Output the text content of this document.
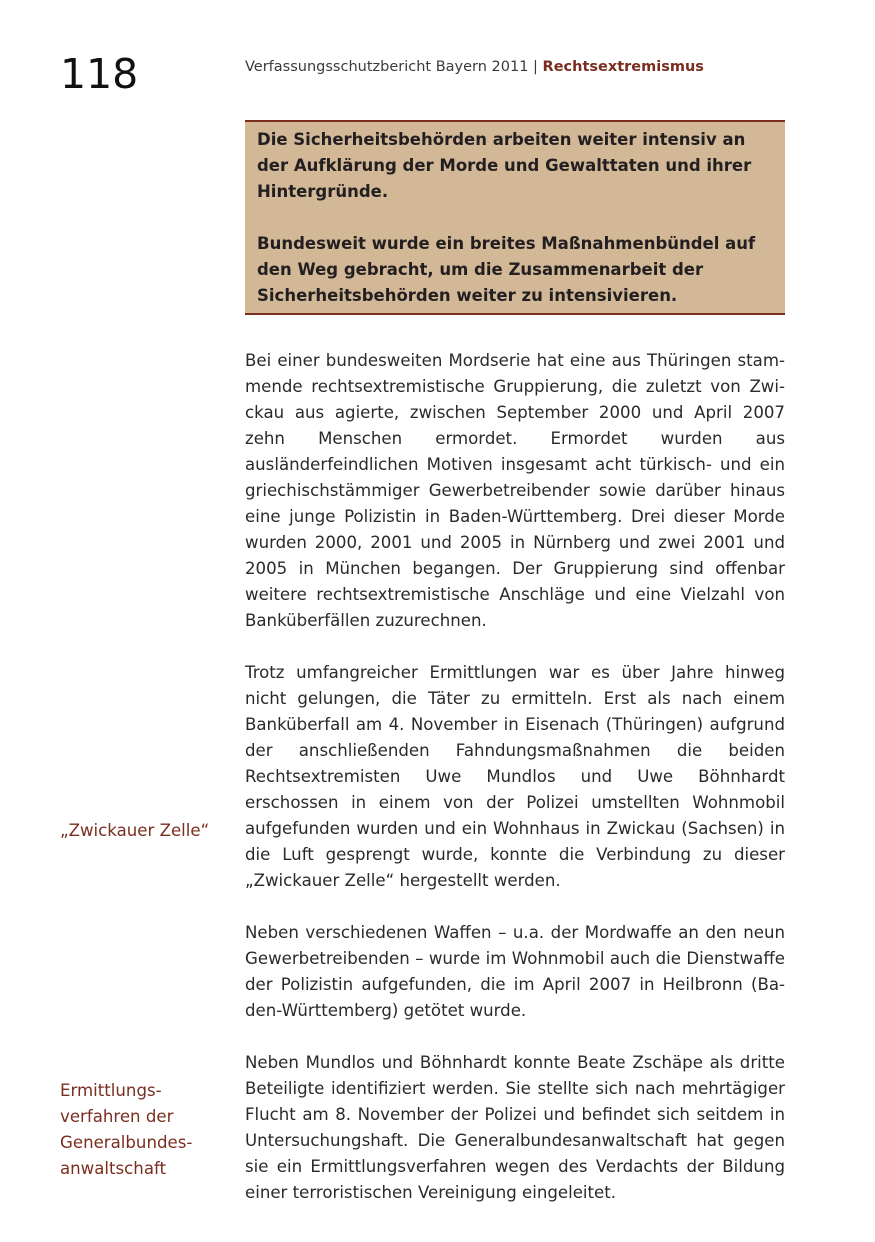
118	Verfassungsschutzbericht Bayern 2011 | Rechtsextremismus

Die Sicherheitsbehörden arbeiten weiter intensiv an der Aufklärung der Morde und Gewalttaten und ihrer Hintergründe.

Bundesweit wurde ein breites Maßnahmenbündel auf den Weg gebracht, um die Zusammenarbeit der Sicherheitsbehörden weiter zu intensivieren.

Bei einer bundesweiten Mordserie hat eine aus Thüringen stammende rechtsextremistische Gruppierung, die zuletzt von Zwickau aus agierte, zwischen September 2000 und April 2007 zehn Menschen ermordet. Ermordet wurden aus ausländerfeindlichen Motiven insgesamt acht türkisch- und ein griechischstämmiger Gewerbetreibender sowie darüber hinaus eine junge Polizistin in Baden-Württemberg. Drei dieser Morde wurden 2000, 2001 und 2005 in Nürnberg und zwei 2001 und 2005 in München begangen. Der Gruppierung sind offenbar weitere rechtsextremistische Anschläge und eine Vielzahl von Banküberfällen zuzurechnen.

Trotz umfangreicher Ermittlungen war es über Jahre hinweg nicht gelungen, die Täter zu ermitteln. Erst als nach einem Banküberfall am 4. November in Eisenach (Thüringen) aufgrund der anschließenden Fahndungsmaßnahmen die beiden Rechtsextremisten Uwe Mundlos und Uwe Böhnhardt erschossen in einem von der Polizei umstellten Wohnmobil aufgefunden wurden und ein Wohnhaus in Zwickau (Sachsen) in die Luft gesprengt wurde, konnte die Verbindung zu dieser „Zwickauer Zelle“ hergestellt werden.

Neben verschiedenen Waffen – u.a. der Mordwaffe an den neun Gewerbetreibenden – wurde im Wohnmobil auch die Dienstwaffe der Polizistin aufgefunden, die im April 2007 in Heilbronn (Baden-Württemberg) getötet wurde.

Neben Mundlos und Böhnhardt konnte Beate Zschäpe als dritte Beteiligte identifiziert werden. Sie stellte sich nach mehrtägiger Flucht am 8. November der Polizei und befindet sich seitdem in Untersuchungshaft. Die Generalbundesanwaltschaft hat gegen sie ein Ermittlungsverfahren wegen des Verdachts der Bildung einer terroristischen Vereinigung eingeleitet.

„Zwickauer Zelle“
Ermittlungs-
verfahren der
Generalbundes-
anwaltschaft
